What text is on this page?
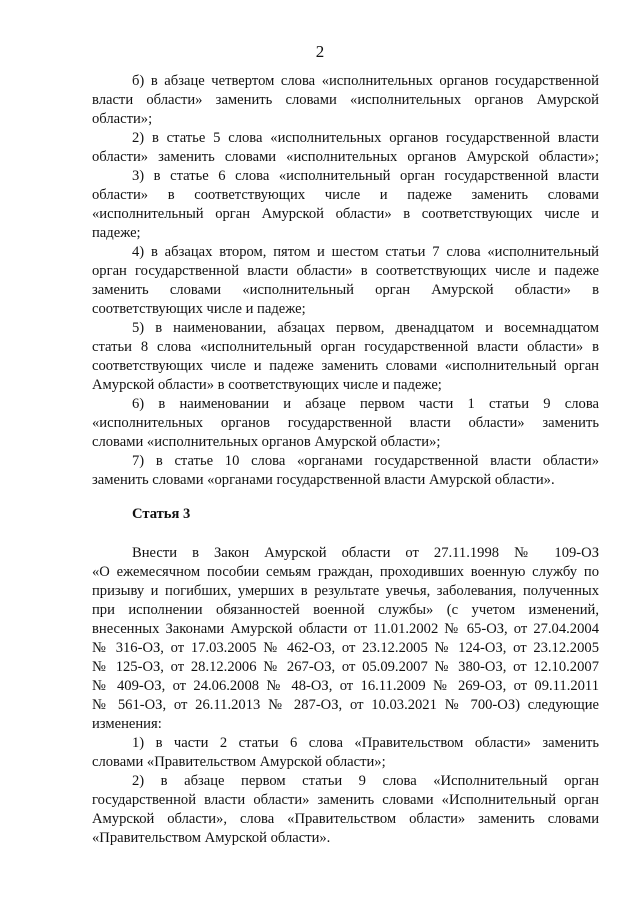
2
б) в абзаце четвертом слова «исполнительных органов государственной
власти области» заменить словами «исполнительных органов Амурской
области»;
2) в статье 5 слова «исполнительных органов государственной власти
области» заменить словами «исполнительных органов Амурской области»;
3) в статье 6 слова «исполнительный орган государственной власти
области» в соответствующих числе и падеже заменить словами
«исполнительный орган Амурской области» в соответствующих числе и
падеже;
4) в абзацах втором, пятом и шестом статьи 7 слова «исполнительный
орган государственной власти области» в соответствующих числе и падеже
заменить словами «исполнительный орган Амурской области» в
соответствующих числе и падеже;
5) в наименовании, абзацах первом, двенадцатом и восемнадцатом
статьи 8 слова «исполнительный орган государственной власти области» в
соответствующих числе и падеже заменить словами «исполнительный орган
Амурской области» в соответствующих числе и падеже;
6) в наименовании и абзаце первом части 1 статьи 9 слова
«исполнительных органов государственной власти области» заменить
словами «исполнительных органов Амурской области»;
7) в статье 10 слова «органами государственной власти области»
заменить словами «органами государственной власти Амурской области».
Статья 3
Внести в Закон Амурской области от 27.11.1998 № 109-ОЗ
«О ежемесячном пособии семьям граждан, проходивших военную службу по
призыву и погибших, умерших в результате увечья, заболевания, полученных
при исполнении обязанностей военной службы» (с учетом изменений,
внесенных Законами Амурской области от 11.01.2002 № 65-ОЗ, от 27.04.2004
№ 316-ОЗ, от 17.03.2005 № 462-ОЗ, от 23.12.2005 № 124-ОЗ, от 23.12.2005
№ 125-ОЗ, от 28.12.2006 № 267-ОЗ, от 05.09.2007 № 380-ОЗ, от 12.10.2007
№ 409-ОЗ, от 24.06.2008 № 48-ОЗ, от 16.11.2009 № 269-ОЗ, от 09.11.2011
№ 561-ОЗ, от 26.11.2013 № 287-ОЗ, от 10.03.2021 № 700-ОЗ) следующие
изменения:
1) в части 2 статьи 6 слова «Правительством области» заменить
словами «Правительством Амурской области»;
2) в абзаце первом статьи 9 слова «Исполнительный орган
государственной власти области» заменить словами «Исполнительный орган
Амурской области», слова «Правительством области» заменить словами
«Правительством Амурской области».
